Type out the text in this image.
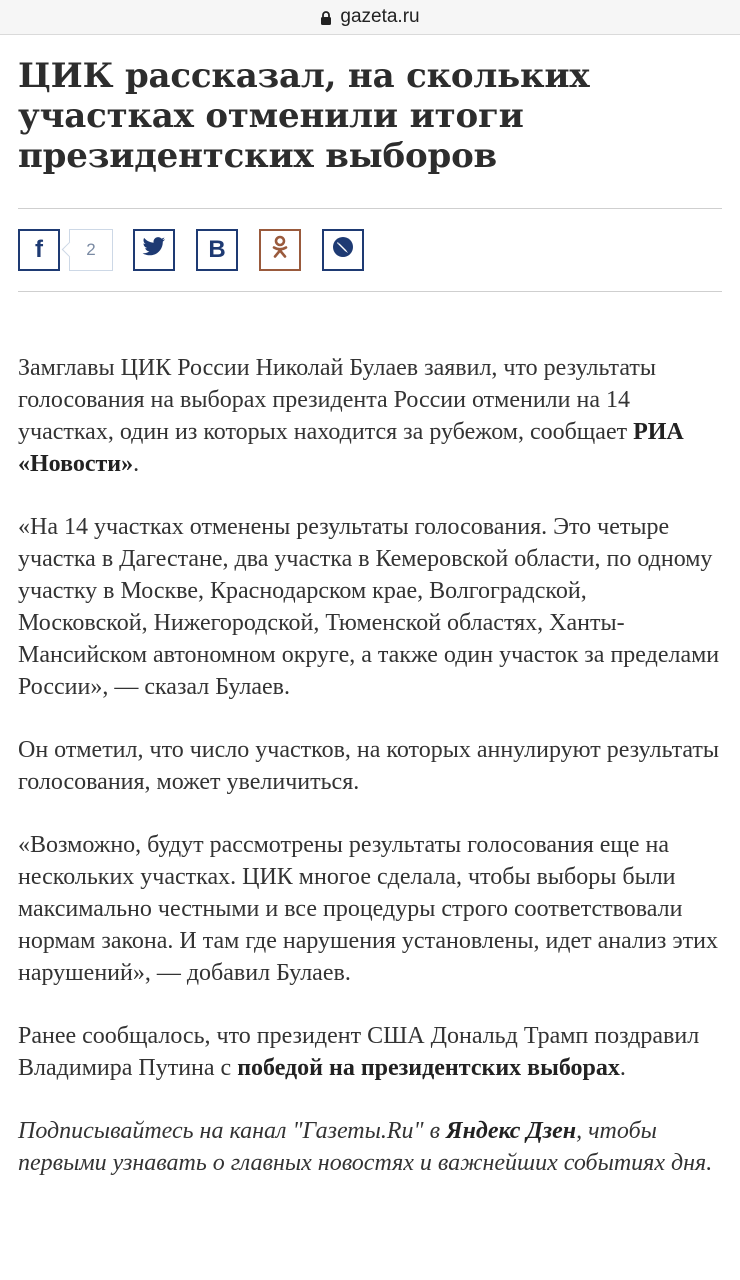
gazeta.ru
ЦИК рассказал, на скольких участках отменили итоги президентских выборов
f	2	B

Замглавы ЦИК России Николай Булаев заявил, что результаты голосования на выборах президента России отменили на 14 участках, один из которых находится за рубежом, сообщает РИА «Новости».

«На 14 участках отменены результаты голосования. Это четыре участка в Дагестане, два участка в Кемеровской области, по одному участку в Москве, Краснодарском крае, Волгоградской, Московской, Нижегородской, Тюменской областях, Ханты-Мансийском автономном округе, а также один участок за пределами России», — сказал Булаев.

Он отметил, что число участков, на которых аннулируют результаты голосования, может увеличиться.

«Возможно, будут рассмотрены результаты голосования еще на нескольких участках. ЦИК многое сделала, чтобы выборы были максимально честными и все процедуры строго соответствовали нормам закона. И там где нарушения установлены, идет анализ этих нарушений», — добавил Булаев.

Ранее сообщалось, что президент США Дональд Трамп поздравил Владимира Путина с победой на президентских выборах.

Подписывайтесь на канал "Газеты.Ru" в Яндекс Дзен, чтобы первыми узнавать о главных новостях и важнейших событиях дня.
